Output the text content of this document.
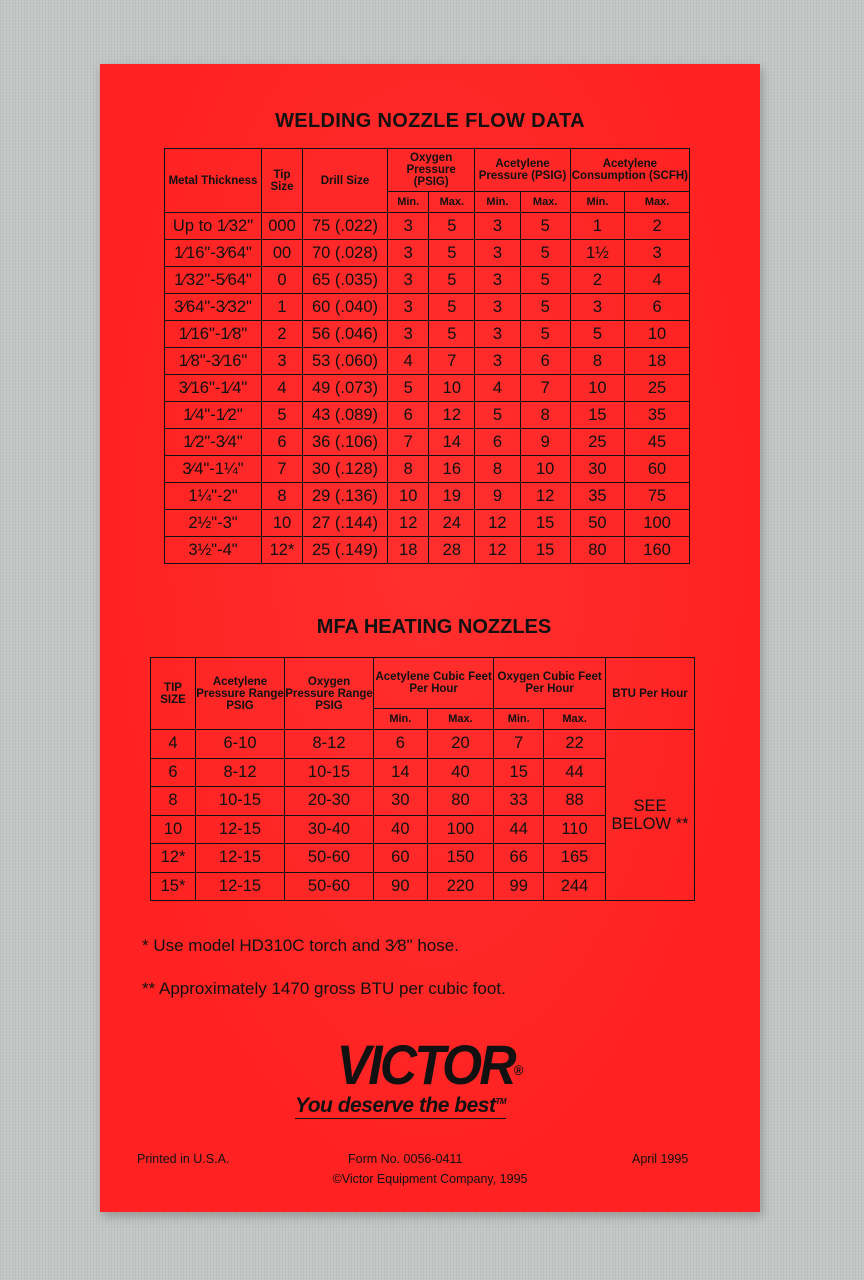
WELDING NOZZLE FLOW DATA
Metal Thickness	Tip Size	Drill Size	Oxygen Pressure (PSIG)		Acetylene Pressure (PSIG)		Acetylene Consumption (SCFH)	
			Min.	Max.	Min.	Max.	Min.	Max.
Up to 1⁄32"	000	75 (.022)	3	5	3	5	1	2
1⁄16"-3⁄64"	00	70 (.028)	3	5	3	5	1½	3
1⁄32"-5⁄64"	0	65 (.035)	3	5	3	5	2	4
3⁄64"-3⁄32"	1	60 (.040)	3	5	3	5	3	6
1⁄16"-1⁄8"	2	56 (.046)	3	5	3	5	5	10
1⁄8"-3⁄16"	3	53 (.060)	4	7	3	6	8	18
3⁄16"-1⁄4"	4	49 (.073)	5	10	4	7	10	25
1⁄4"-1⁄2"	5	43 (.089)	6	12	5	8	15	35
1⁄2"-3⁄4"	6	36 (.106)	7	14	6	9	25	45
3⁄4"-1¼"	7	30 (.128)	8	16	8	10	30	60
1¼"-2"	8	29 (.136)	10	19	9	12	35	75
2½"-3"	10	27 (.144)	12	24	12	15	50	100
3½"-4"	12*	25 (.149)	18	28	12	15	80	160
MFA HEATING NOZZLES
TIP SIZE	Acetylene Pressure Range PSIG	Oxygen Pressure Range PSIG	Acetylene Cubic Feet Per Hour		Oxygen Cubic Feet Per Hour		BTU Per Hour
			Min.	Max.	Min.	Max.	
4	6-10	8-12	6	20	7	22	SEE BELOW **
6	8-12	10-15	14	40	15	44	
8	10-15	20-30	30	80	33	88	
10	12-15	30-40	40	100	44	110	
12*	12-15	50-60	60	150	66	165	
15*	12-15	50-60	90	220	99	244	
* Use model HD310C torch and 3⁄8" hose.
** Approximately 1470 gross BTU per cubic foot.
VICTOR®
You deserve the best™
Printed in U.S.A.	Form No. 0056-0411	April 1995
©Victor Equipment Company, 1995
